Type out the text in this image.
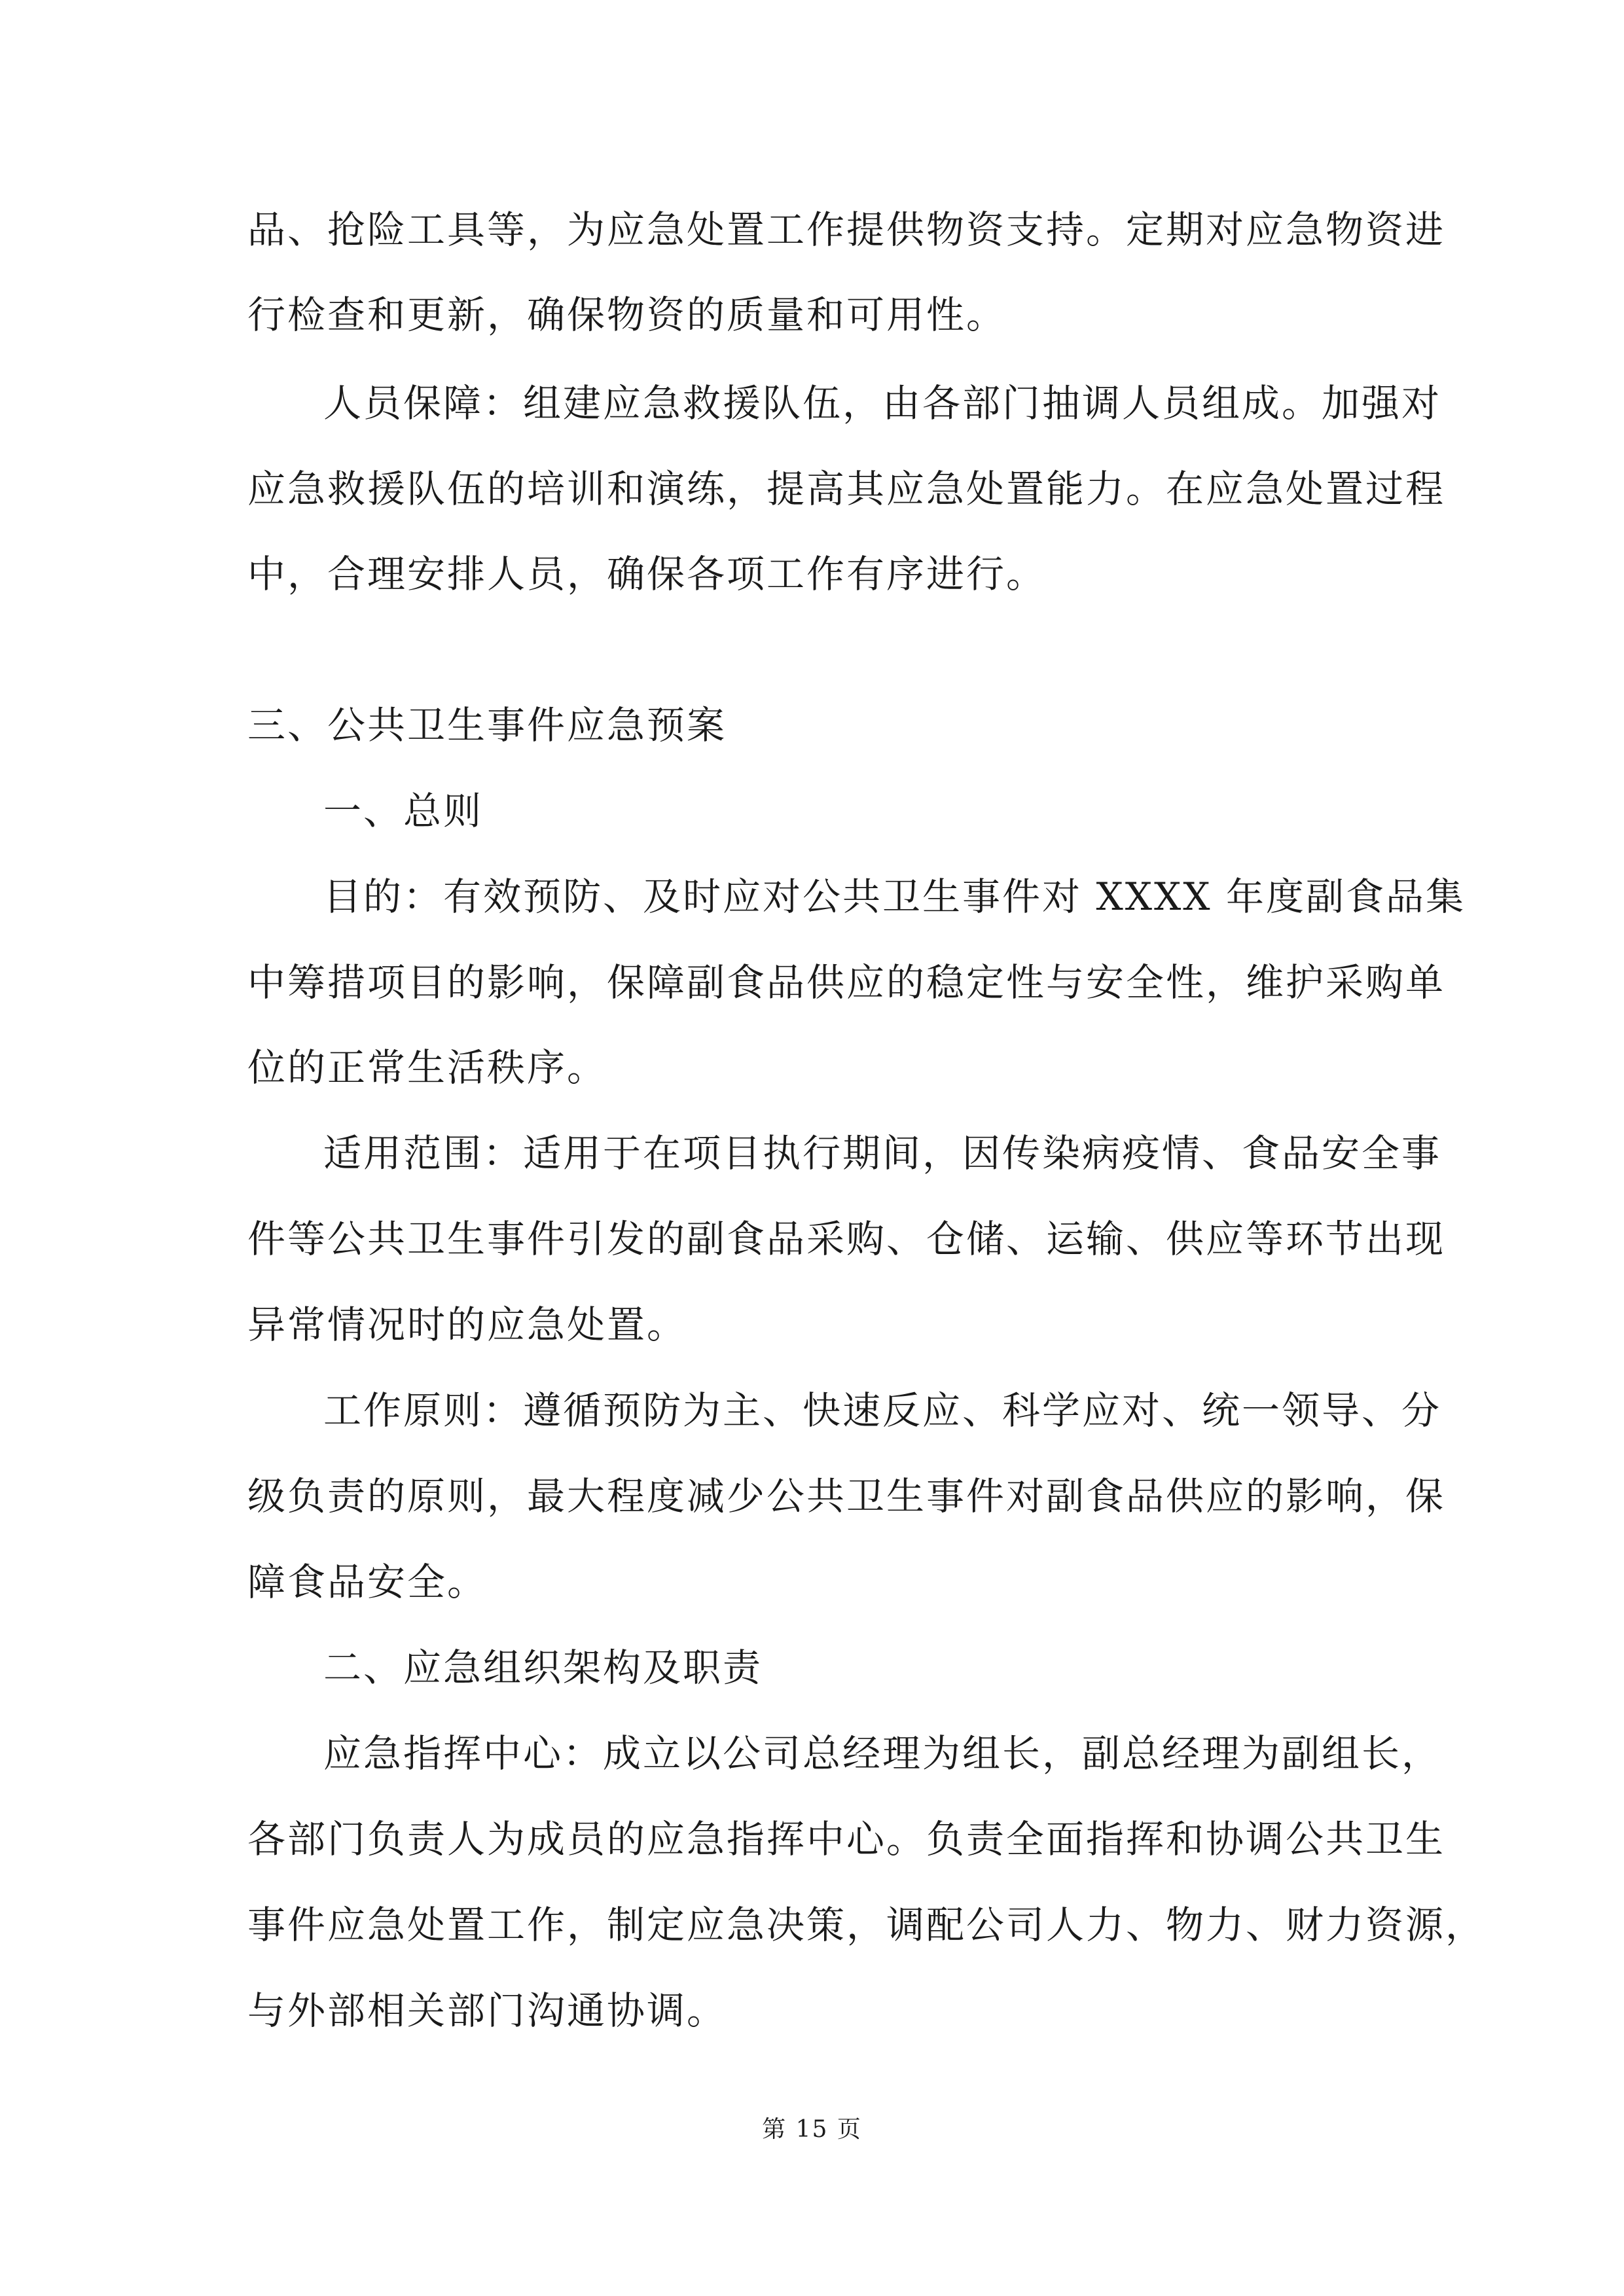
品、抢险工具等，为应急处置工作提供物资支持。定期对应急物资进
行检查和更新，确保物资的质量和可用性。
人员保障：组建应急救援队伍，由各部门抽调人员组成。加强对
应急救援队伍的培训和演练，提高其应急处置能力。在应急处置过程
中，合理安排人员，确保各项工作有序进行。
三、公共卫生事件应急预案
一、总则
目的：有效预防、及时应对公共卫生事件对 XXXX 年度副食品集
中筹措项目的影响，保障副食品供应的稳定性与安全性，维护采购单
位的正常生活秩序。
适用范围：适用于在项目执行期间，因传染病疫情、食品安全事
件等公共卫生事件引发的副食品采购、仓储、运输、供应等环节出现
异常情况时的应急处置。
工作原则：遵循预防为主、快速反应、科学应对、统一领导、分
级负责的原则，最大程度减少公共卫生事件对副食品供应的影响，保
障食品安全。
二、应急组织架构及职责
应急指挥中心：成立以公司总经理为组长，副总经理为副组长，
各部门负责人为成员的应急指挥中心。负责全面指挥和协调公共卫生
事件应急处置工作，制定应急决策，调配公司人力、物力、财力资源，
与外部相关部门沟通协调。
第 15 页
